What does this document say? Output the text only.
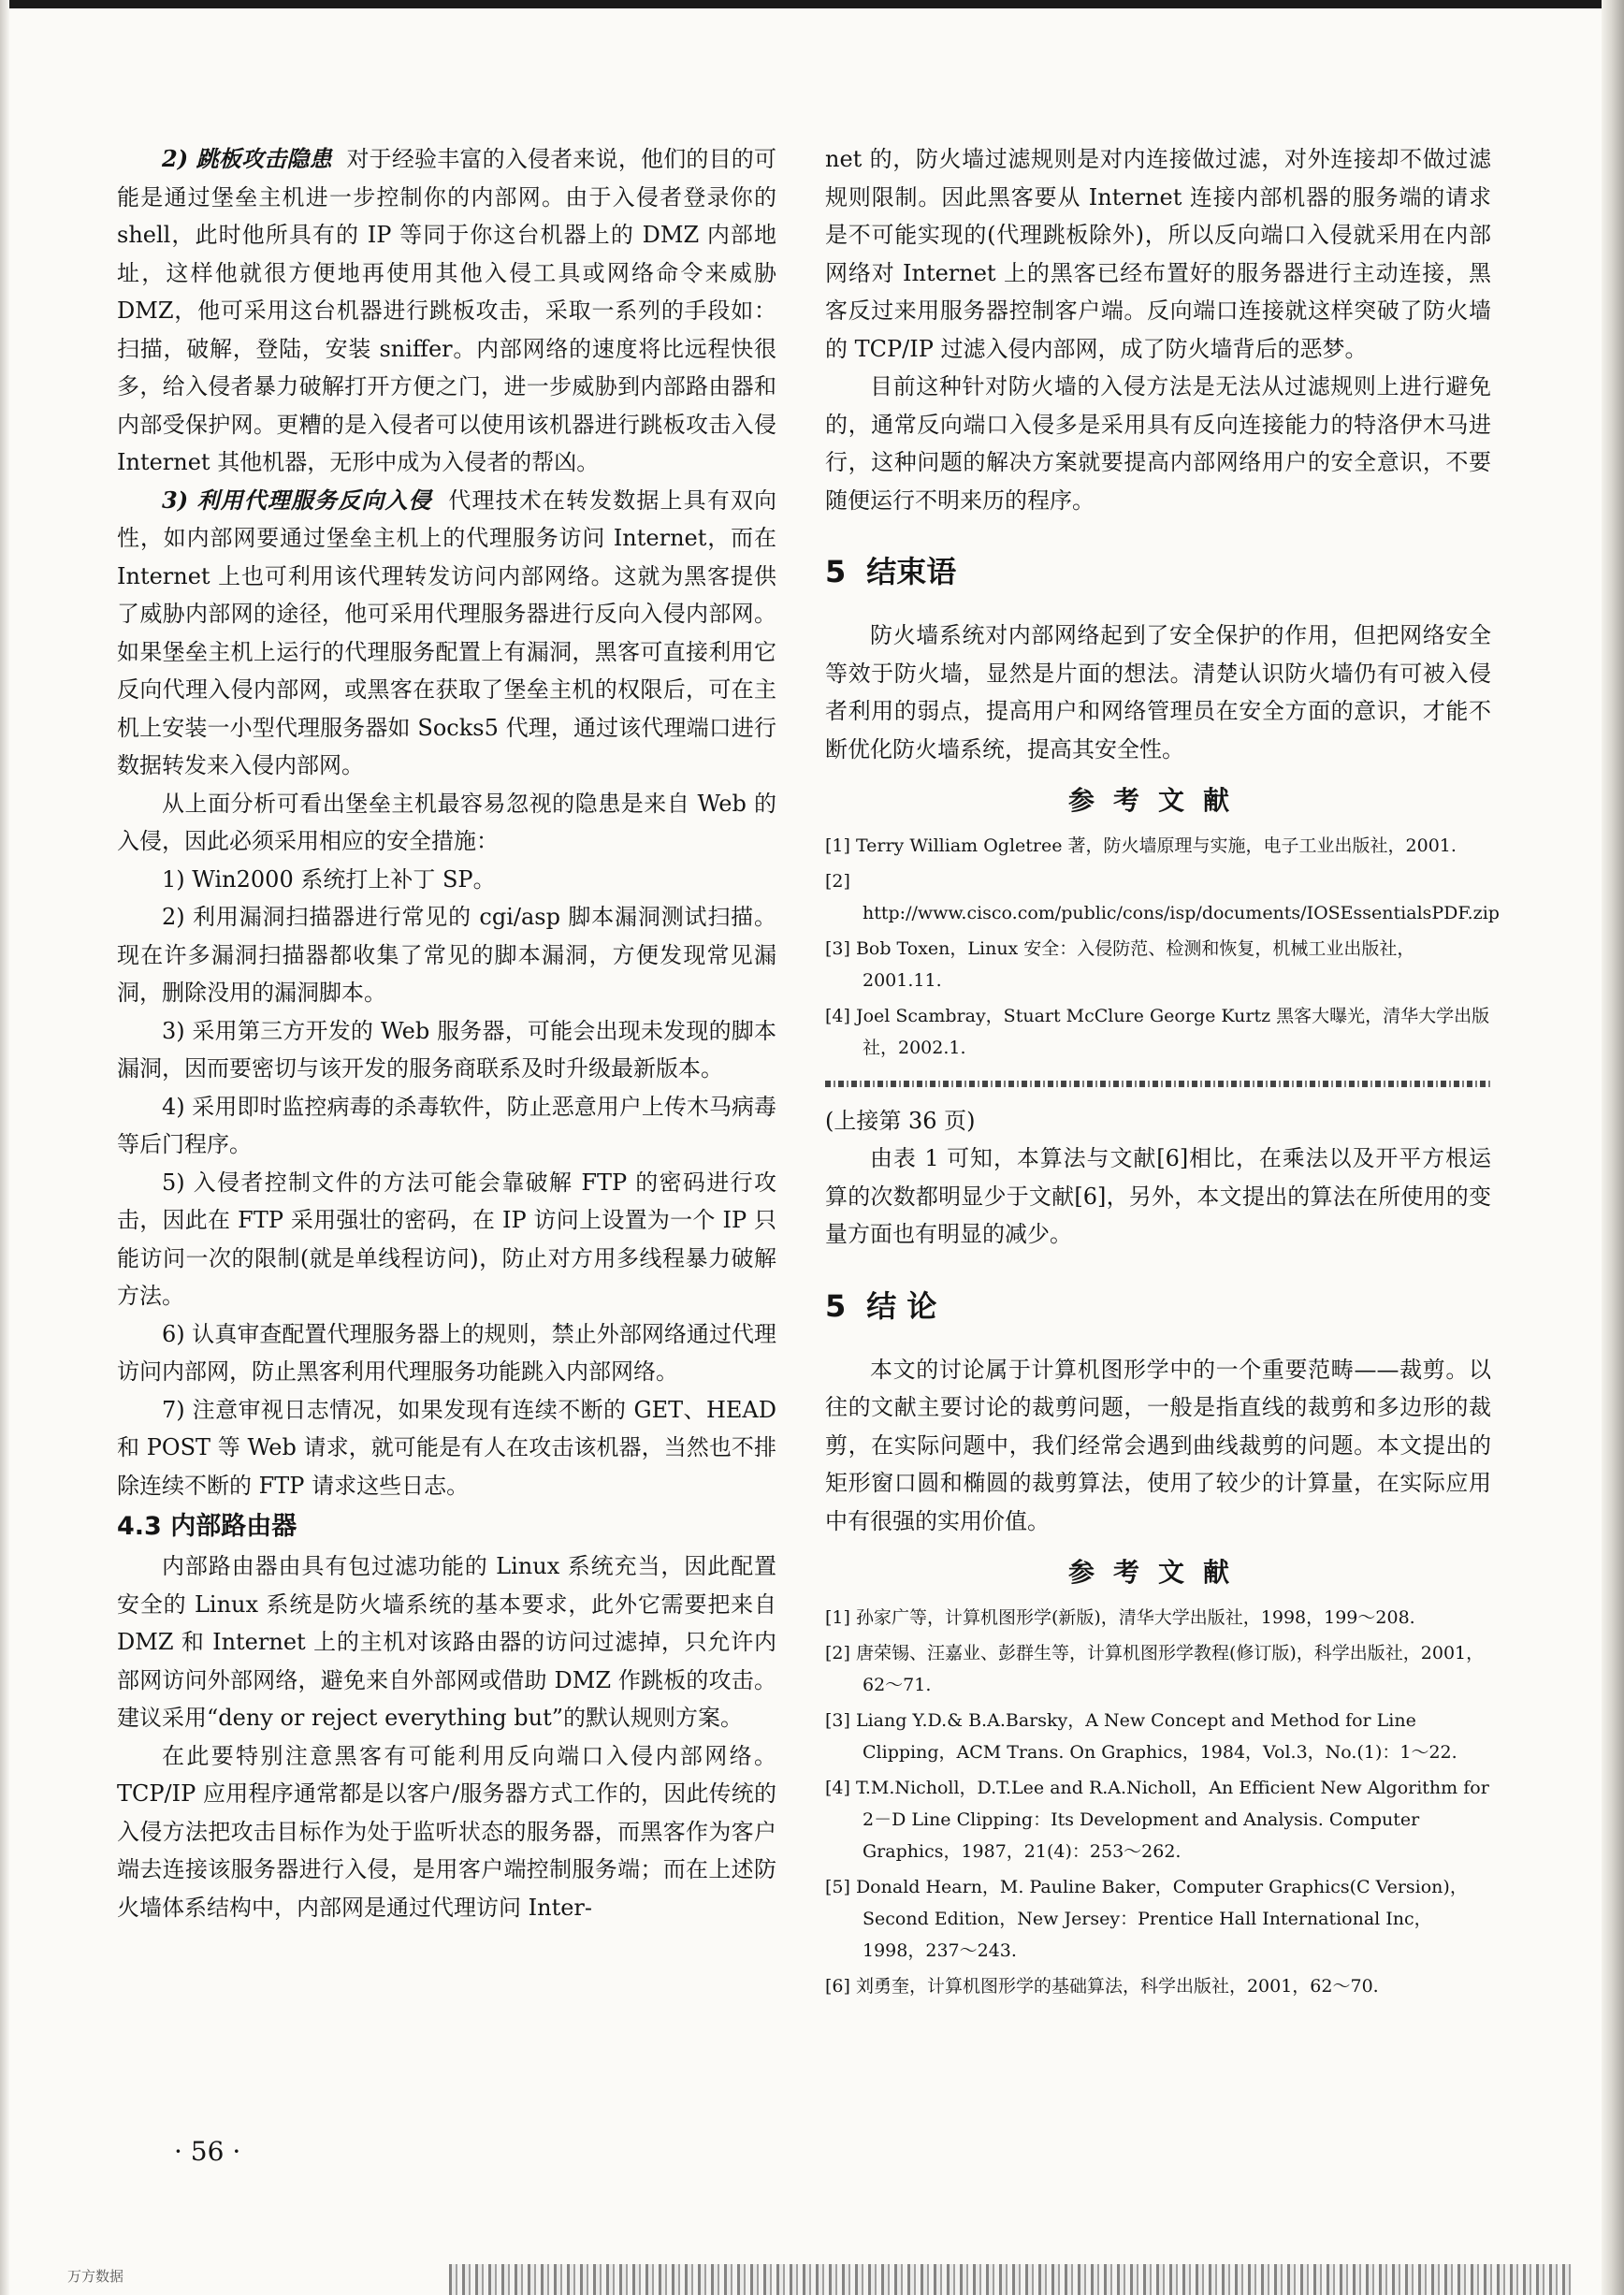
2) 跳板攻击隐患 对于经验丰富的入侵者来说，他们的目的可能是通过堡垒主机进一步控制你的内部网。由于入侵者登录你的 shell，此时他所具有的 IP 等同于你这台机器上的 DMZ 内部地址，这样他就很方便地再使用其他入侵工具或网络命令来威胁 DMZ，他可采用这台机器进行跳板攻击，采取一系列的手段如：扫描，破解，登陆，安装 sniffer。内部网络的速度将比远程快很多，给入侵者暴力破解打开方便之门，进一步威胁到内部路由器和内部受保护网。更糟的是入侵者可以使用该机器进行跳板攻击入侵 Internet 其他机器，无形中成为入侵者的帮凶。

3) 利用代理服务反向入侵 代理技术在转发数据上具有双向性，如内部网要通过堡垒主机上的代理服务访问 Internet，而在 Internet 上也可利用该代理转发访问内部网络。这就为黑客提供了威胁内部网的途径，他可采用代理服务器进行反向入侵内部网。如果堡垒主机上运行的代理服务配置上有漏洞，黑客可直接利用它反向代理入侵内部网，或黑客在获取了堡垒主机的权限后，可在主机上安装一小型代理服务器如 Socks5 代理，通过该代理端口进行数据转发来入侵内部网。

从上面分析可看出堡垒主机最容易忽视的隐患是来自 Web 的入侵，因此必须采用相应的安全措施：

1) Win2000 系统打上补丁 SP。

2) 利用漏洞扫描器进行常见的 cgi/asp 脚本漏洞测试扫描。现在许多漏洞扫描器都收集了常见的脚本漏洞，方便发现常见漏洞，删除没用的漏洞脚本。

3) 采用第三方开发的 Web 服务器，可能会出现未发现的脚本漏洞，因而要密切与该开发的服务商联系及时升级最新版本。

4) 采用即时监控病毒的杀毒软件，防止恶意用户上传木马病毒等后门程序。

5) 入侵者控制文件的方法可能会靠破解 FTP 的密码进行攻击，因此在 FTP 采用强壮的密码，在 IP 访问上设置为一个 IP 只能访问一次的限制(就是单线程访问)，防止对方用多线程暴力破解方法。

6) 认真审查配置代理服务器上的规则，禁止外部网络通过代理访问内部网，防止黑客利用代理服务功能跳入内部网络。

7) 注意审视日志情况，如果发现有连续不断的 GET、HEAD 和 POST 等 Web 请求，就可能是有人在攻击该机器，当然也不排除连续不断的 FTP 请求这些日志。

4.3 内部路由器

内部路由器由具有包过滤功能的 Linux 系统充当，因此配置安全的 Linux 系统是防火墙系统的基本要求，此外它需要把来自 DMZ 和 Internet 上的主机对该路由器的访问过滤掉，只允许内部网访问外部网络，避免来自外部网或借助 DMZ 作跳板的攻击。建议采用“deny or reject everything but”的默认规则方案。

在此要特别注意黑客有可能利用反向端口入侵内部网络。TCP/IP 应用程序通常都是以客户/服务器方式工作的，因此传统的入侵方法把攻击目标作为处于监听状态的服务器，而黑客作为客户端去连接该服务器进行入侵，是用客户端控制服务端；而在上述防火墙体系结构中，内部网是通过代理访问 Inter-

net 的，防火墙过滤规则是对内连接做过滤，对外连接却不做过滤规则限制。因此黑客要从 Internet 连接内部机器的服务端的请求是不可能实现的(代理跳板除外)，所以反向端口入侵就采用在内部网络对 Internet 上的黑客已经布置好的服务器进行主动连接，黑客反过来用服务器控制客户端。反向端口连接就这样突破了防火墙的 TCP/IP 过滤入侵内部网，成了防火墙背后的恶梦。

目前这种针对防火墙的入侵方法是无法从过滤规则上进行避免的，通常反向端口入侵多是采用具有反向连接能力的特洛伊木马进行，这种问题的解决方案就要提高内部网络用户的安全意识，不要随便运行不明来历的程序。

5 结束语

防火墙系统对内部网络起到了安全保护的作用，但把网络安全等效于防火墙，显然是片面的想法。清楚认识防火墙仍有可被入侵者利用的弱点，提高用户和网络管理员在安全方面的意识，才能不断优化防火墙系统，提高其安全性。

参考文献
[1] Terry William Ogletree 著，防火墙原理与实施，电子工业出版社，2001.
[2] http://www.cisco.com/public/cons/isp/documents/IOSEssentialsPDF.zip
[3] Bob Toxen，Linux 安全：入侵防范、检测和恢复，机械工业出版社，2001.11.
[4] Joel Scambray，Stuart McClure George Kurtz 黑客大曝光，清华大学出版社，2002.1.

(上接第 36 页)

由表 1 可知，本算法与文献[6]相比，在乘法以及开平方根运算的次数都明显少于文献[6]，另外，本文提出的算法在所使用的变量方面也有明显的减少。

5 结 论

本文的讨论属于计算机图形学中的一个重要范畴——裁剪。以往的文献主要讨论的裁剪问题，一般是指直线的裁剪和多边形的裁剪，在实际问题中，我们经常会遇到曲线裁剪的问题。本文提出的矩形窗口圆和椭圆的裁剪算法，使用了较少的计算量，在实际应用中有很强的实用价值。

参考文献
[1] 孙家广等，计算机图形学(新版)，清华大学出版社，1998，199～208.
[2] 唐荣锡、汪嘉业、彭群生等，计算机图形学教程(修订版)，科学出版社，2001，62～71.
[3] Liang Y.D.& B.A.Barsky，A New Concept and Method for Line Clipping，ACM Trans. On Graphics，1984，Vol.3，No.(1)：1～22.
[4] T.M.Nicholl，D.T.Lee and R.A.Nicholl，An Efficient New Algorithm for 2－D Line Clipping：Its Development and Analysis. Computer Graphics，1987，21(4)：253～262.
[5] Donald Hearn，M. Pauline Baker，Computer Graphics(C Version)，Second Edition，New Jersey：Prentice Hall International Inc，1998，237～243.
[6] 刘勇奎，计算机图形学的基础算法，科学出版社，2001，62～70.
· 56 ·
万方数据
